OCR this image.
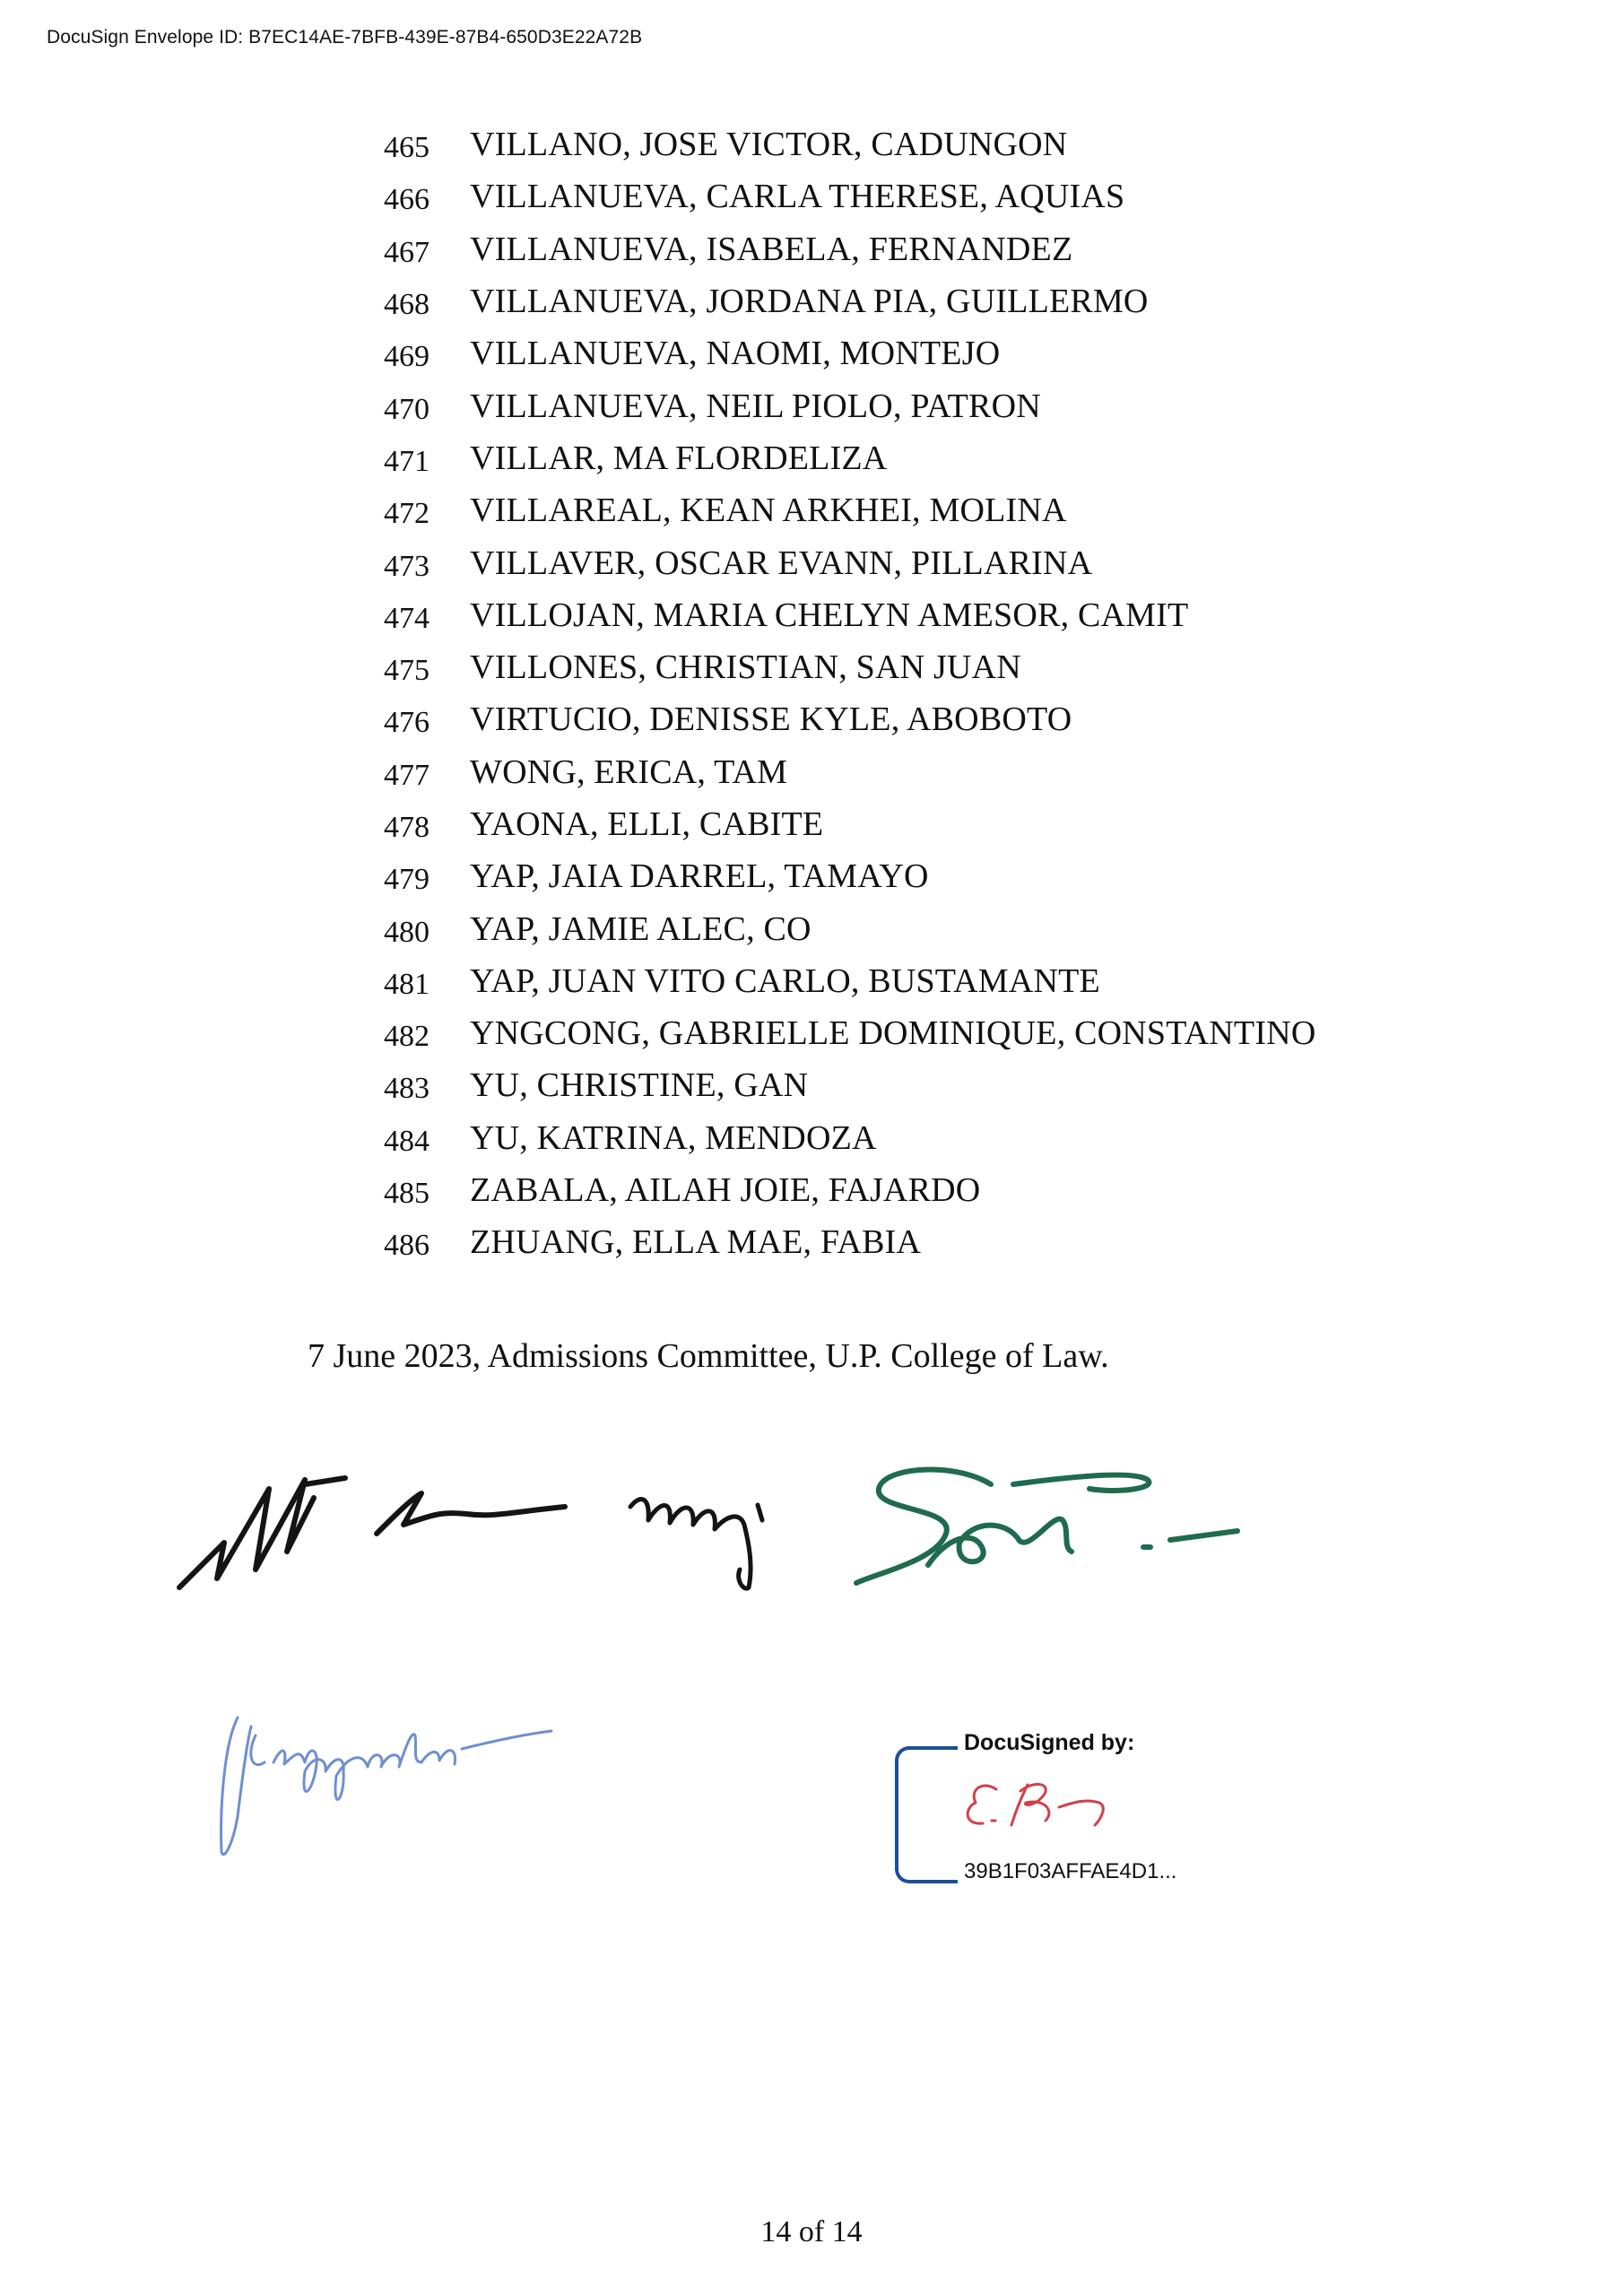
DocuSign Envelope ID: B7EC14AE-7BFB-439E-87B4-650D3E22A72B
465	VILLANO, JOSE VICTOR, CADUNGON
466	VILLANUEVA, CARLA THERESE, AQUIAS
467	VILLANUEVA, ISABELA, FERNANDEZ
468	VILLANUEVA, JORDANA PIA, GUILLERMO
469	VILLANUEVA, NAOMI, MONTEJO
470	VILLANUEVA, NEIL PIOLO, PATRON
471	VILLAR, MA FLORDELIZA
472	VILLAREAL, KEAN ARKHEI, MOLINA
473	VILLAVER, OSCAR EVANN, PILLARINA
474	VILLOJAN, MARIA CHELYN AMESOR, CAMIT
475	VILLONES, CHRISTIAN, SAN JUAN
476	VIRTUCIO, DENISSE KYLE, ABOBOTO
477	WONG, ERICA, TAM
478	YAONA, ELLI, CABITE
479	YAP, JAIA DARREL, TAMAYO
480	YAP, JAMIE ALEC, CO
481	YAP, JUAN VITO CARLO, BUSTAMANTE
482	YNGCONG, GABRIELLE DOMINIQUE, CONSTANTINO
483	YU, CHRISTINE, GAN
484	YU, KATRINA, MENDOZA
485	ZABALA, AILAH JOIE, FAJARDO
486	ZHUANG, ELLA MAE, FABIA
7 June 2023, Admissions Committee, U.P. College of Law.
DocuSigned by:
39B1F03AFFAE4D1...
14 of 14
